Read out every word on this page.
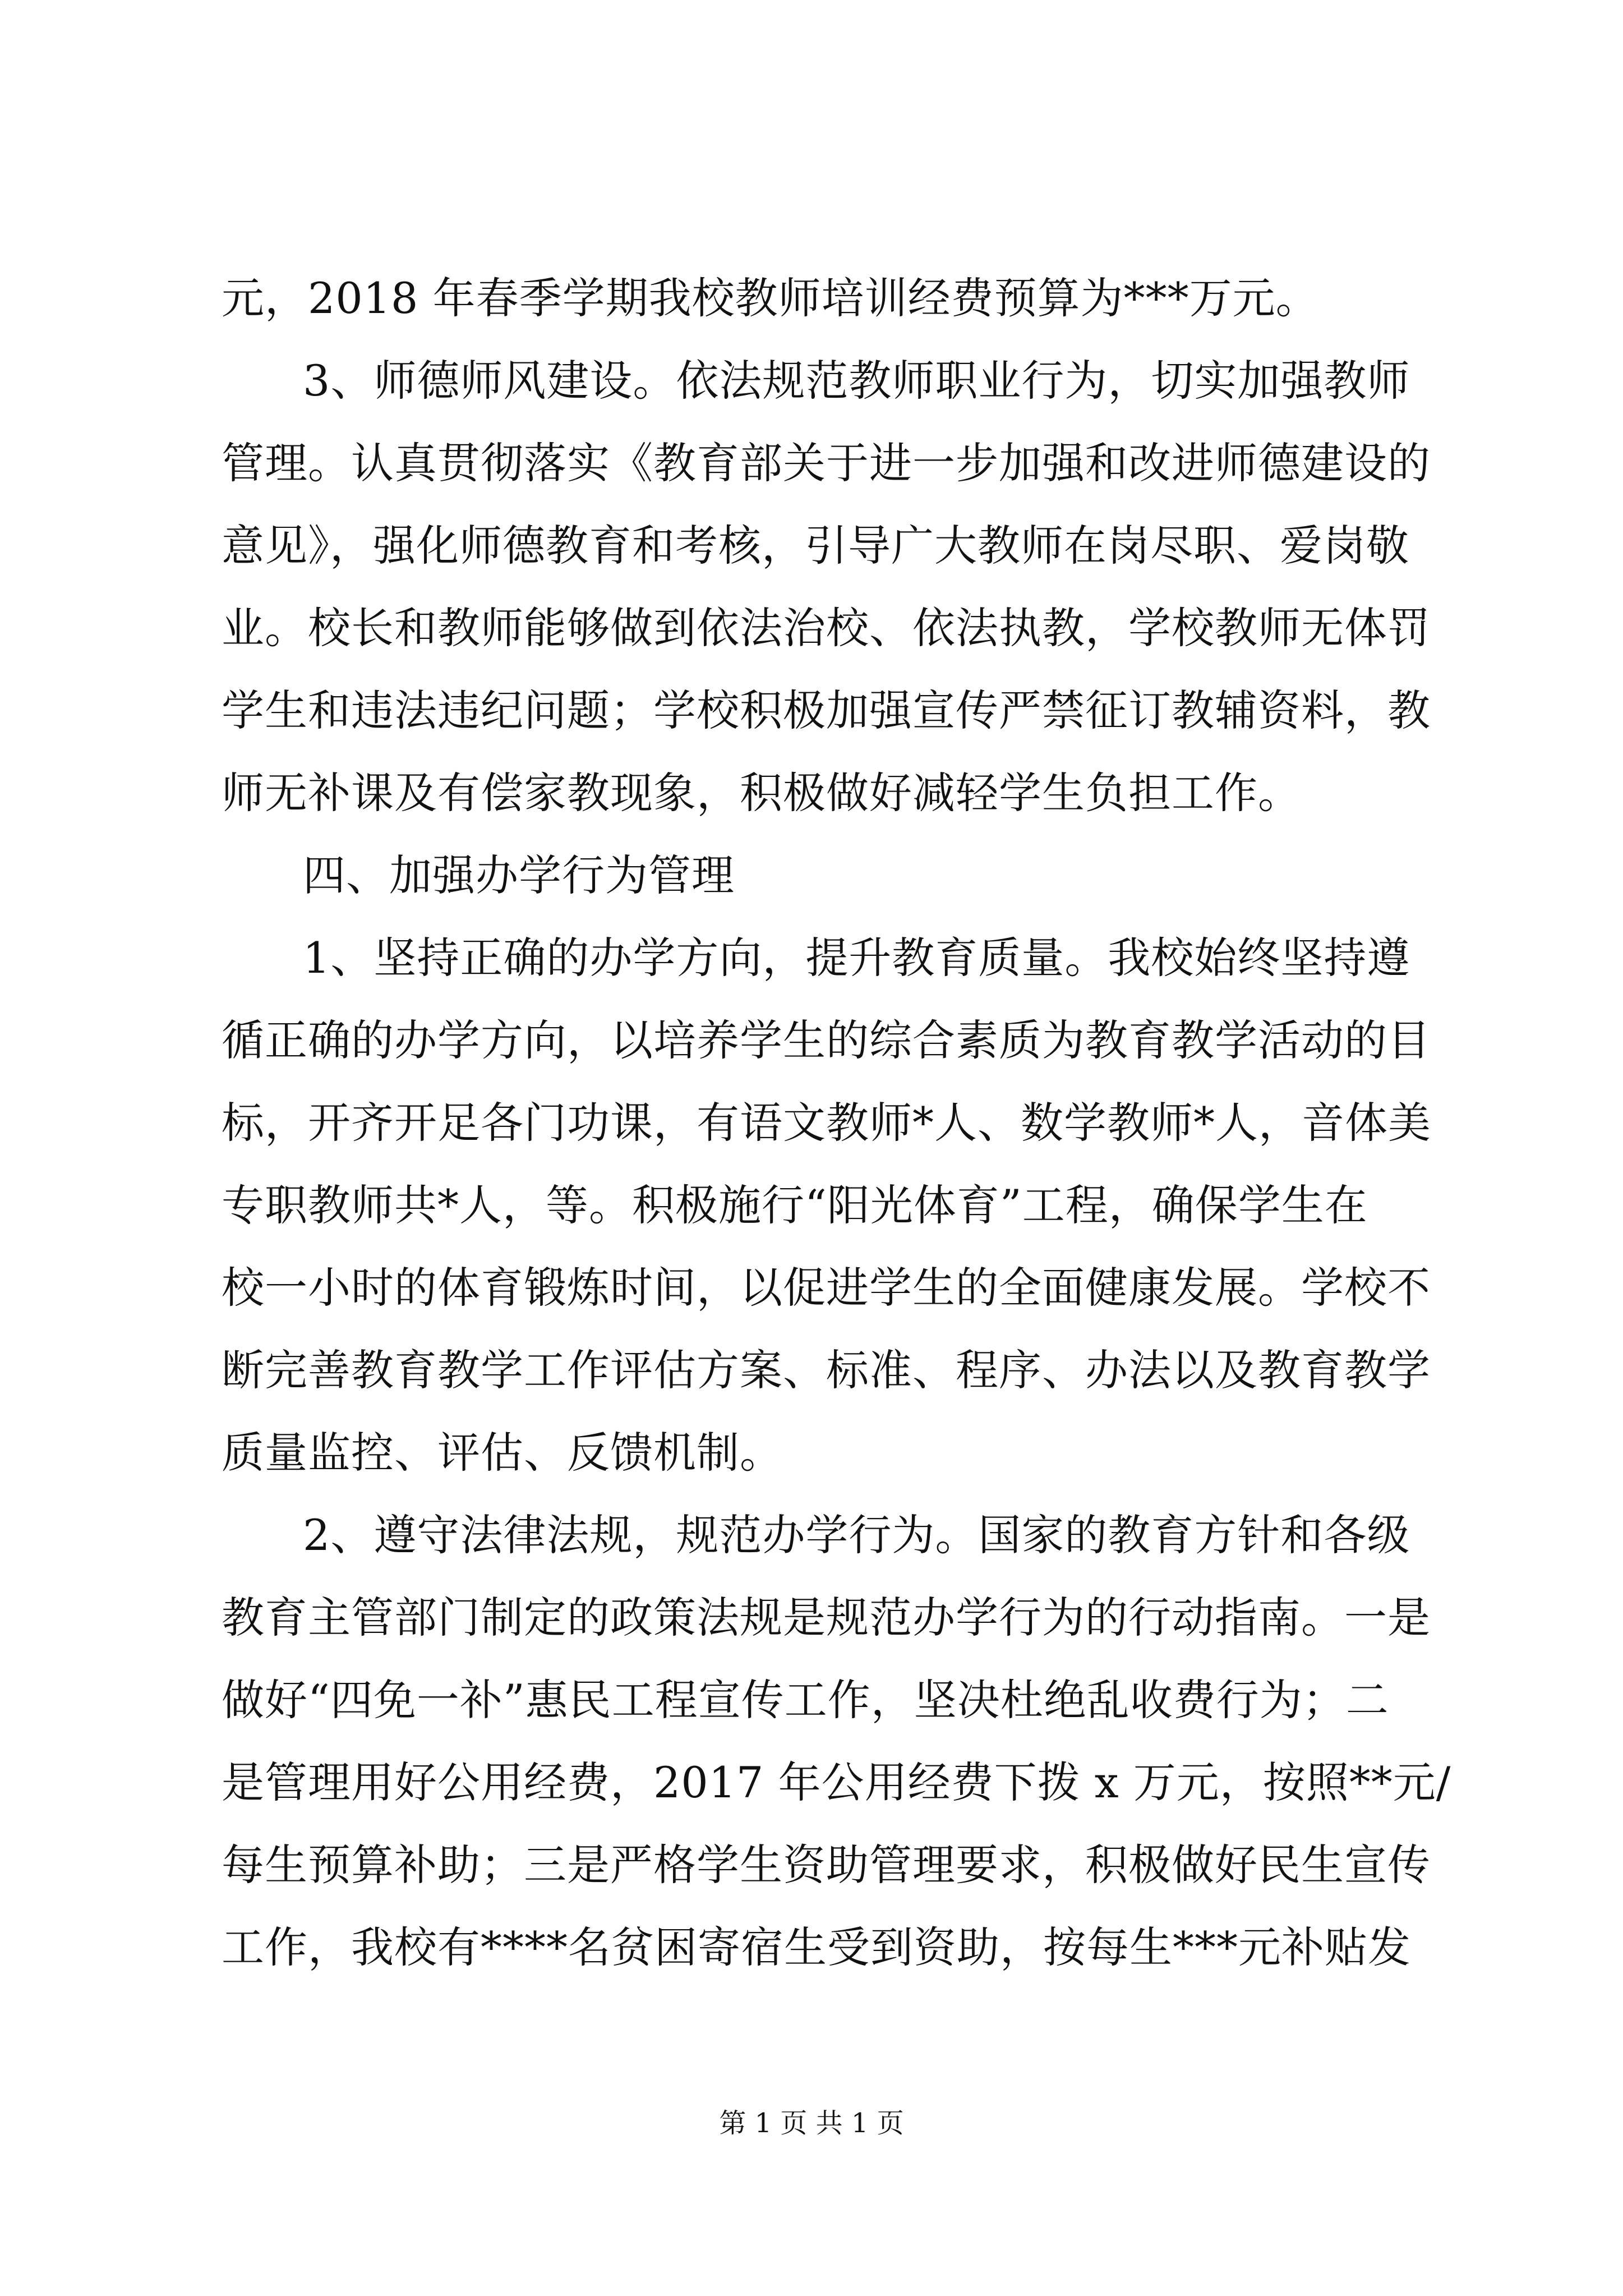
元，2018 年春季学期我校教师培训经费预算为***万元。
3、师德师风建设。依法规范教师职业行为，切实加强教师
管理。认真贯彻落实《教育部关于进一步加强和改进师德建设的
意见》，强化师德教育和考核，引导广大教师在岗尽职、爱岗敬
业。校长和教师能够做到依法治校、依法执教，学校教师无体罚
学生和违法违纪问题；学校积极加强宣传严禁征订教辅资料，教
师无补课及有偿家教现象，积极做好减轻学生负担工作。
四、加强办学行为管理
1、坚持正确的办学方向，提升教育质量。我校始终坚持遵
循正确的办学方向，以培养学生的综合素质为教育教学活动的目
标，开齐开足各门功课，有语文教师*人、数学教师*人，音体美
专职教师共*人，等。积极施行“阳光体育”工程，确保学生在
校一小时的体育锻炼时间，以促进学生的全面健康发展。学校不
断完善教育教学工作评估方案、标准、程序、办法以及教育教学
质量监控、评估、反馈机制。
2、遵守法律法规，规范办学行为。国家的教育方针和各级
教育主管部门制定的政策法规是规范办学行为的行动指南。一是
做好“四免一补”惠民工程宣传工作，坚决杜绝乱收费行为；二
是管理用好公用经费，2017 年公用经费下拨 x 万元，按照**元/
每生预算补助；三是严格学生资助管理要求，积极做好民生宣传
工作，我校有****名贫困寄宿生受到资助，按每生***元补贴发
第 1 页 共 1 页
